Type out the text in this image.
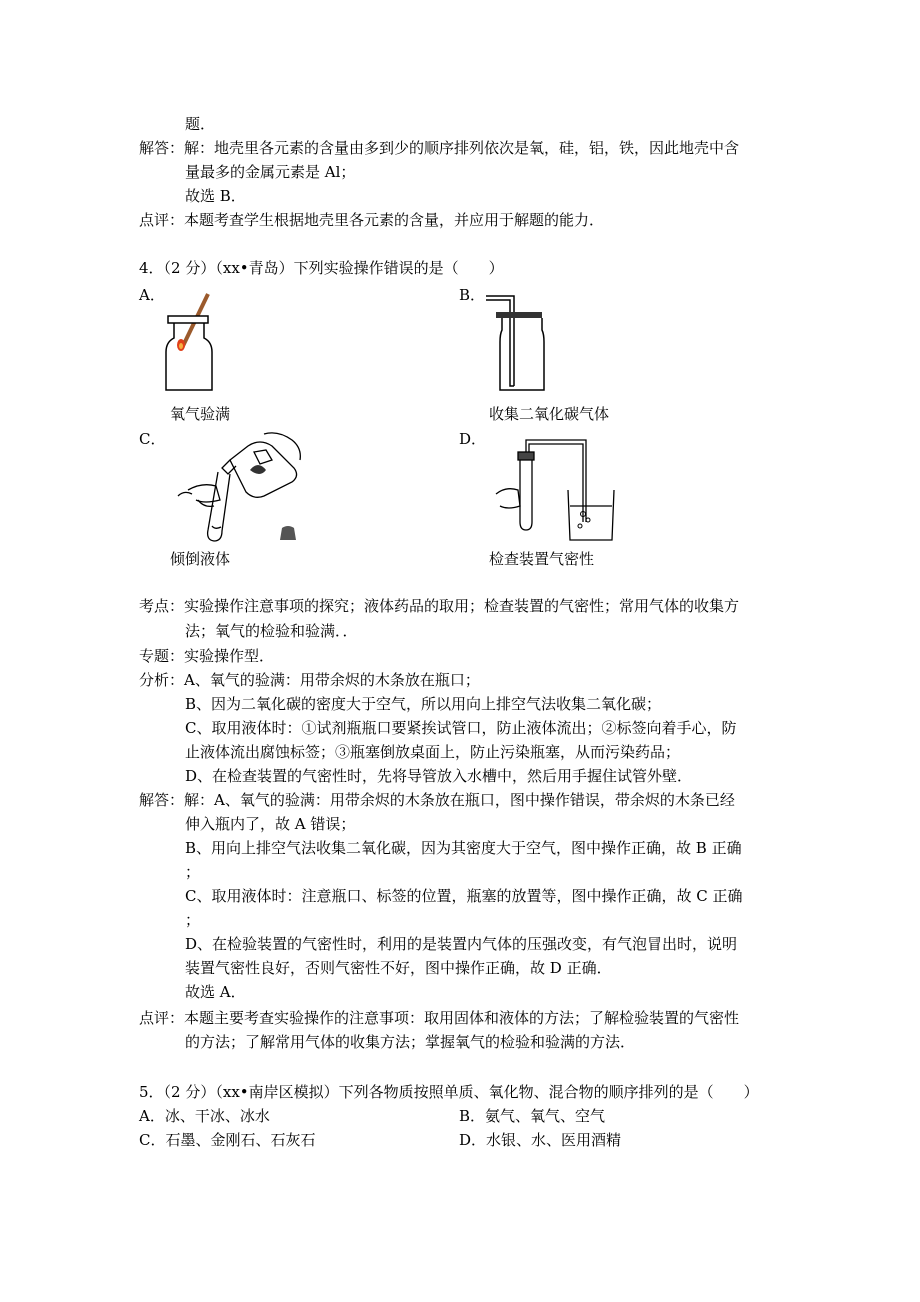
题．
解答：解：地壳里各元素的含量由多到少的顺序排列依次是氧，硅，铝，铁，因此地壳中含
量最多的金属元素是 Al；
故选 B．
点评：本题考查学生根据地壳里各元素的含量，并应用于解题的能力．
4．（2 分）（xx•青岛）下列实验操作错误的是（　　）
A．	B．
氧气验满	收集二氧化碳气体
C．	D．
倾倒液体	检查装置气密性
考点：实验操作注意事项的探究；液体药品的取用；检查装置的气密性；常用气体的收集方
法；氧气的检验和验满．．
专题：实验操作型．
分析：A、氧气的验满：用带余烬的木条放在瓶口；
B、因为二氧化碳的密度大于空气，所以用向上排空气法收集二氧化碳；
C、取用液体时：①试剂瓶瓶口要紧挨试管口，防止液体流出；②标签向着手心，防
止液体流出腐蚀标签；③瓶塞倒放桌面上，防止污染瓶塞，从而污染药品；
D、在检查装置的气密性时，先将导管放入水槽中，然后用手握住试管外壁．
解答：解：A、氧气的验满：用带余烬的木条放在瓶口，图中操作错误，带余烬的木条已经
伸入瓶内了，故 A 错误；
B、用向上排空气法收集二氧化碳，因为其密度大于空气，图中操作正确，故 B 正确
；
C、取用液体时：注意瓶口、标签的位置，瓶塞的放置等，图中操作正确，故 C 正确
；
D、在检验装置的气密性时，利用的是装置内气体的压强改变，有气泡冒出时，说明
装置气密性良好，否则气密性不好，图中操作正确，故 D 正确．
故选 A．
点评：本题主要考查实验操作的注意事项：取用固体和液体的方法；了解检验装置的气密性
的方法；了解常用气体的收集方法；掌握氧气的检验和验满的方法．
5．（2 分）（xx•南岸区模拟）下列各物质按照单质、氧化物、混合物的顺序排列的是（　　）
A．冰、干冰、冰水	B．氨气、氧气、空气
C．石墨、金刚石、石灰石	D．水银、水、医用酒精
